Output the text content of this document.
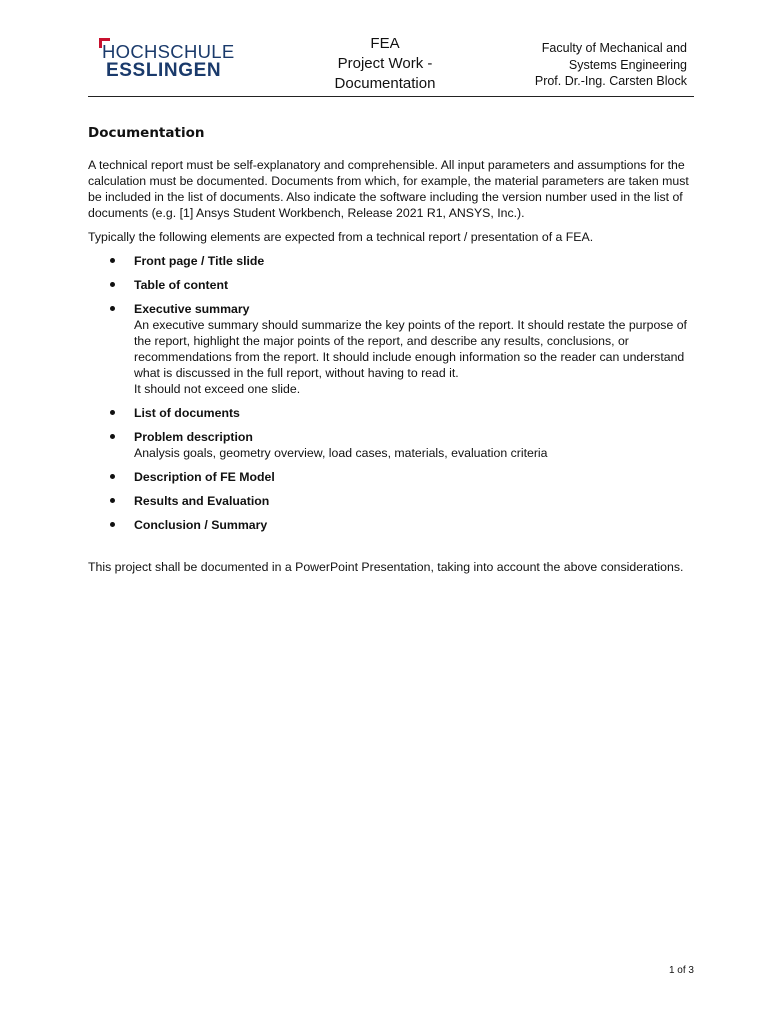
HOCHSCHULE
ESSLINGEN
FEA
Project Work -
Documentation
Faculty of Mechanical and
Systems Engineering
Prof. Dr.-Ing. Carsten Block
Documentation

A technical report must be self-explanatory and comprehensible. All input parameters and assumptions for the calculation must be documented. Documents from which, for example, the material parameters are taken must be included in the list of documents. Also indicate the software including the version number used in the list of documents (e.g. [1] Ansys Student Workbench, Release 2021 R1, ANSYS, Inc.).

Typically the following elements are expected from a technical report / presentation of a FEA.

Front page / Title slide
Table of content
Executive summary
An executive summary should summarize the key points of the report. It should restate the purpose of the report, highlight the major points of the report, and describe any results, conclusions, or recommendations from the report. It should include enough information so the reader can understand what is discussed in the full report, without having to read it.
It should not exceed one slide.
List of documents
Problem description
Analysis goals, geometry overview, load cases, materials, evaluation criteria
Description of FE Model
Results and Evaluation
Conclusion / Summary

This project shall be documented in a PowerPoint Presentation, taking into account the above considerations.

1 of 3
